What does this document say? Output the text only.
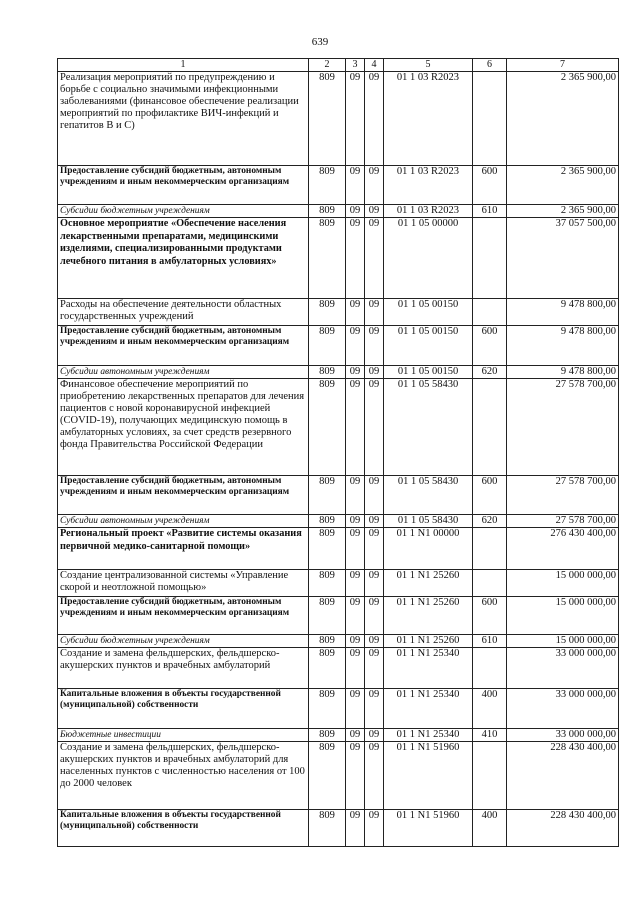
639
1	2	3	4	5	6	7
Реализация мероприятий по предупреждению и борьбе с социально значимыми инфекционными заболеваниями (финансовое обеспечение реализации мероприятий по профилактике ВИЧ-инфекций и гепатитов В и С)	809	09	09	01 1 03 R2023		2 365 900,00
Предоставление субсидий бюджетным, автономным учреждениям и иным некоммерческим организациям	809	09	09	01 1 03 R2023	600	2 365 900,00
Субсидии бюджетным учреждениям	809	09	09	01 1 03 R2023	610	2 365 900,00
Основное мероприятие «Обеспечение населения лекарственными препаратами, медицинскими изделиями, специализированными продуктами лечебного питания в амбулаторных условиях»	809	09	09	01 1 05 00000		37 057 500,00
Расходы на обеспечение деятельности областных государственных учреждений	809	09	09	01 1 05 00150		9 478 800,00
Предоставление субсидий бюджетным, автономным учреждениям и иным некоммерческим организациям	809	09	09	01 1 05 00150	600	9 478 800,00
Субсидии автономным учреждениям	809	09	09	01 1 05 00150	620	9 478 800,00
Финансовое обеспечение мероприятий по приобретению лекарственных препаратов для лечения пациентов с новой коронавирусной инфекцией (COVID-19), получающих медицинскую помощь в амбулаторных условиях, за счет средств резервного фонда Правительства Российской Федерации	809	09	09	01 1 05 58430		27 578 700,00
Предоставление субсидий бюджетным, автономным учреждениям и иным некоммерческим организациям	809	09	09	01 1 05 58430	600	27 578 700,00
Субсидии автономным учреждениям	809	09	09	01 1 05 58430	620	27 578 700,00
Региональный проект «Развитие системы оказания первичной медико-санитарной помощи»	809	09	09	01 1 N1 00000		276 430 400,00
Создание централизованной системы «Управление скорой и неотложной помощью»	809	09	09	01 1 N1 25260		15 000 000,00
Предоставление субсидий бюджетным, автономным учреждениям и иным некоммерческим организациям	809	09	09	01 1 N1 25260	600	15 000 000,00
Субсидии бюджетным учреждениям	809	09	09	01 1 N1 25260	610	15 000 000,00
Создание и замена фельдшерских, фельдшерско-акушерских пунктов и врачебных амбулаторий	809	09	09	01 1 N1 25340		33 000 000,00
Капитальные вложения в объекты государственной (муниципальной) собственности	809	09	09	01 1 N1 25340	400	33 000 000,00
Бюджетные инвестиции	809	09	09	01 1 N1 25340	410	33 000 000,00
Создание и замена фельдшерских, фельдшерско-акушерских пунктов и врачебных амбулаторий для населенных пунктов с численностью населения от 100 до 2000 человек	809	09	09	01 1 N1 51960		228 430 400,00
Капитальные вложения в объекты государственной (муниципальной) собственности	809	09	09	01 1 N1 51960	400	228 430 400,00
